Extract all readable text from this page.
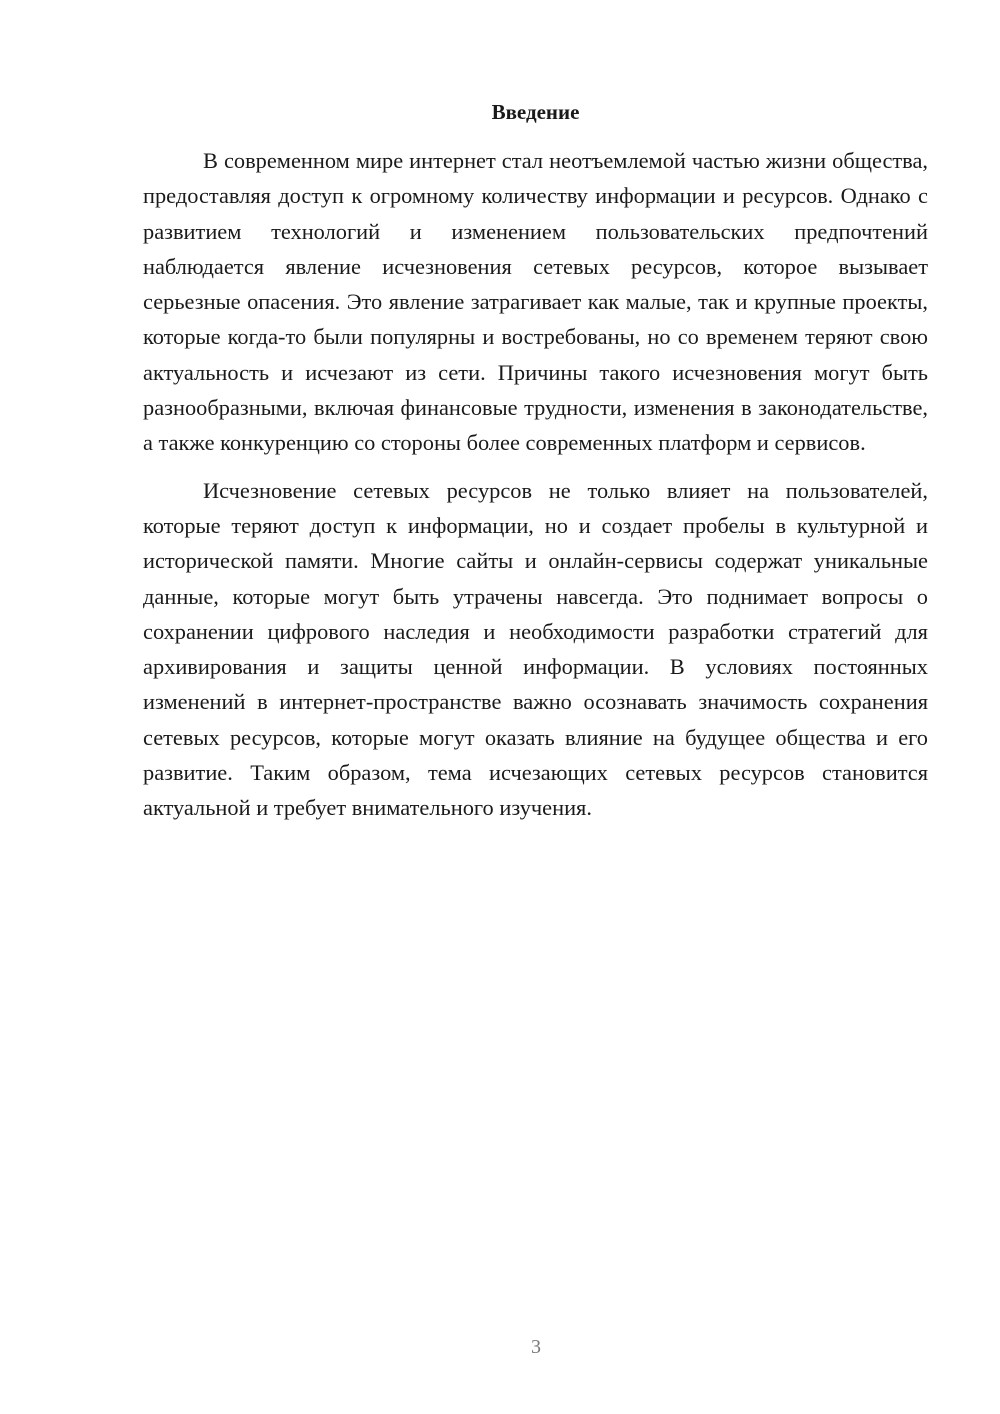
Введение

В современном мире интернет стал неотъемлемой частью жизни общества, предоставляя доступ к огромному количеству информации и ресурсов. Однако с развитием технологий и изменением пользовательских предпочтений наблюдается явление исчезновения сетевых ресурсов, которое вызывает серьезные опасения. Это явление затрагивает как малые, так и крупные проекты, которые когда-то были популярны и востребованы, но со временем теряют свою актуальность и исчезают из сети. Причины такого исчезновения могут быть разнообразными, включая финансовые трудности, изменения в законодательстве, а также конкуренцию со стороны более современных платформ и сервисов.

Исчезновение сетевых ресурсов не только влияет на пользователей, которые теряют доступ к информации, но и создает пробелы в культурной и исторической памяти. Многие сайты и онлайн-сервисы содержат уникальные данные, которые могут быть утрачены навсегда. Это поднимает вопросы о сохранении цифрового наследия и необходимости разработки стратегий для архивирования и защиты ценной информации. В условиях постоянных изменений в интернет-пространстве важно осознавать значимость сохранения сетевых ресурсов, которые могут оказать влияние на будущее общества и его развитие. Таким образом, тема исчезающих сетевых ресурсов становится актуальной и требует внимательного изучения.

3
